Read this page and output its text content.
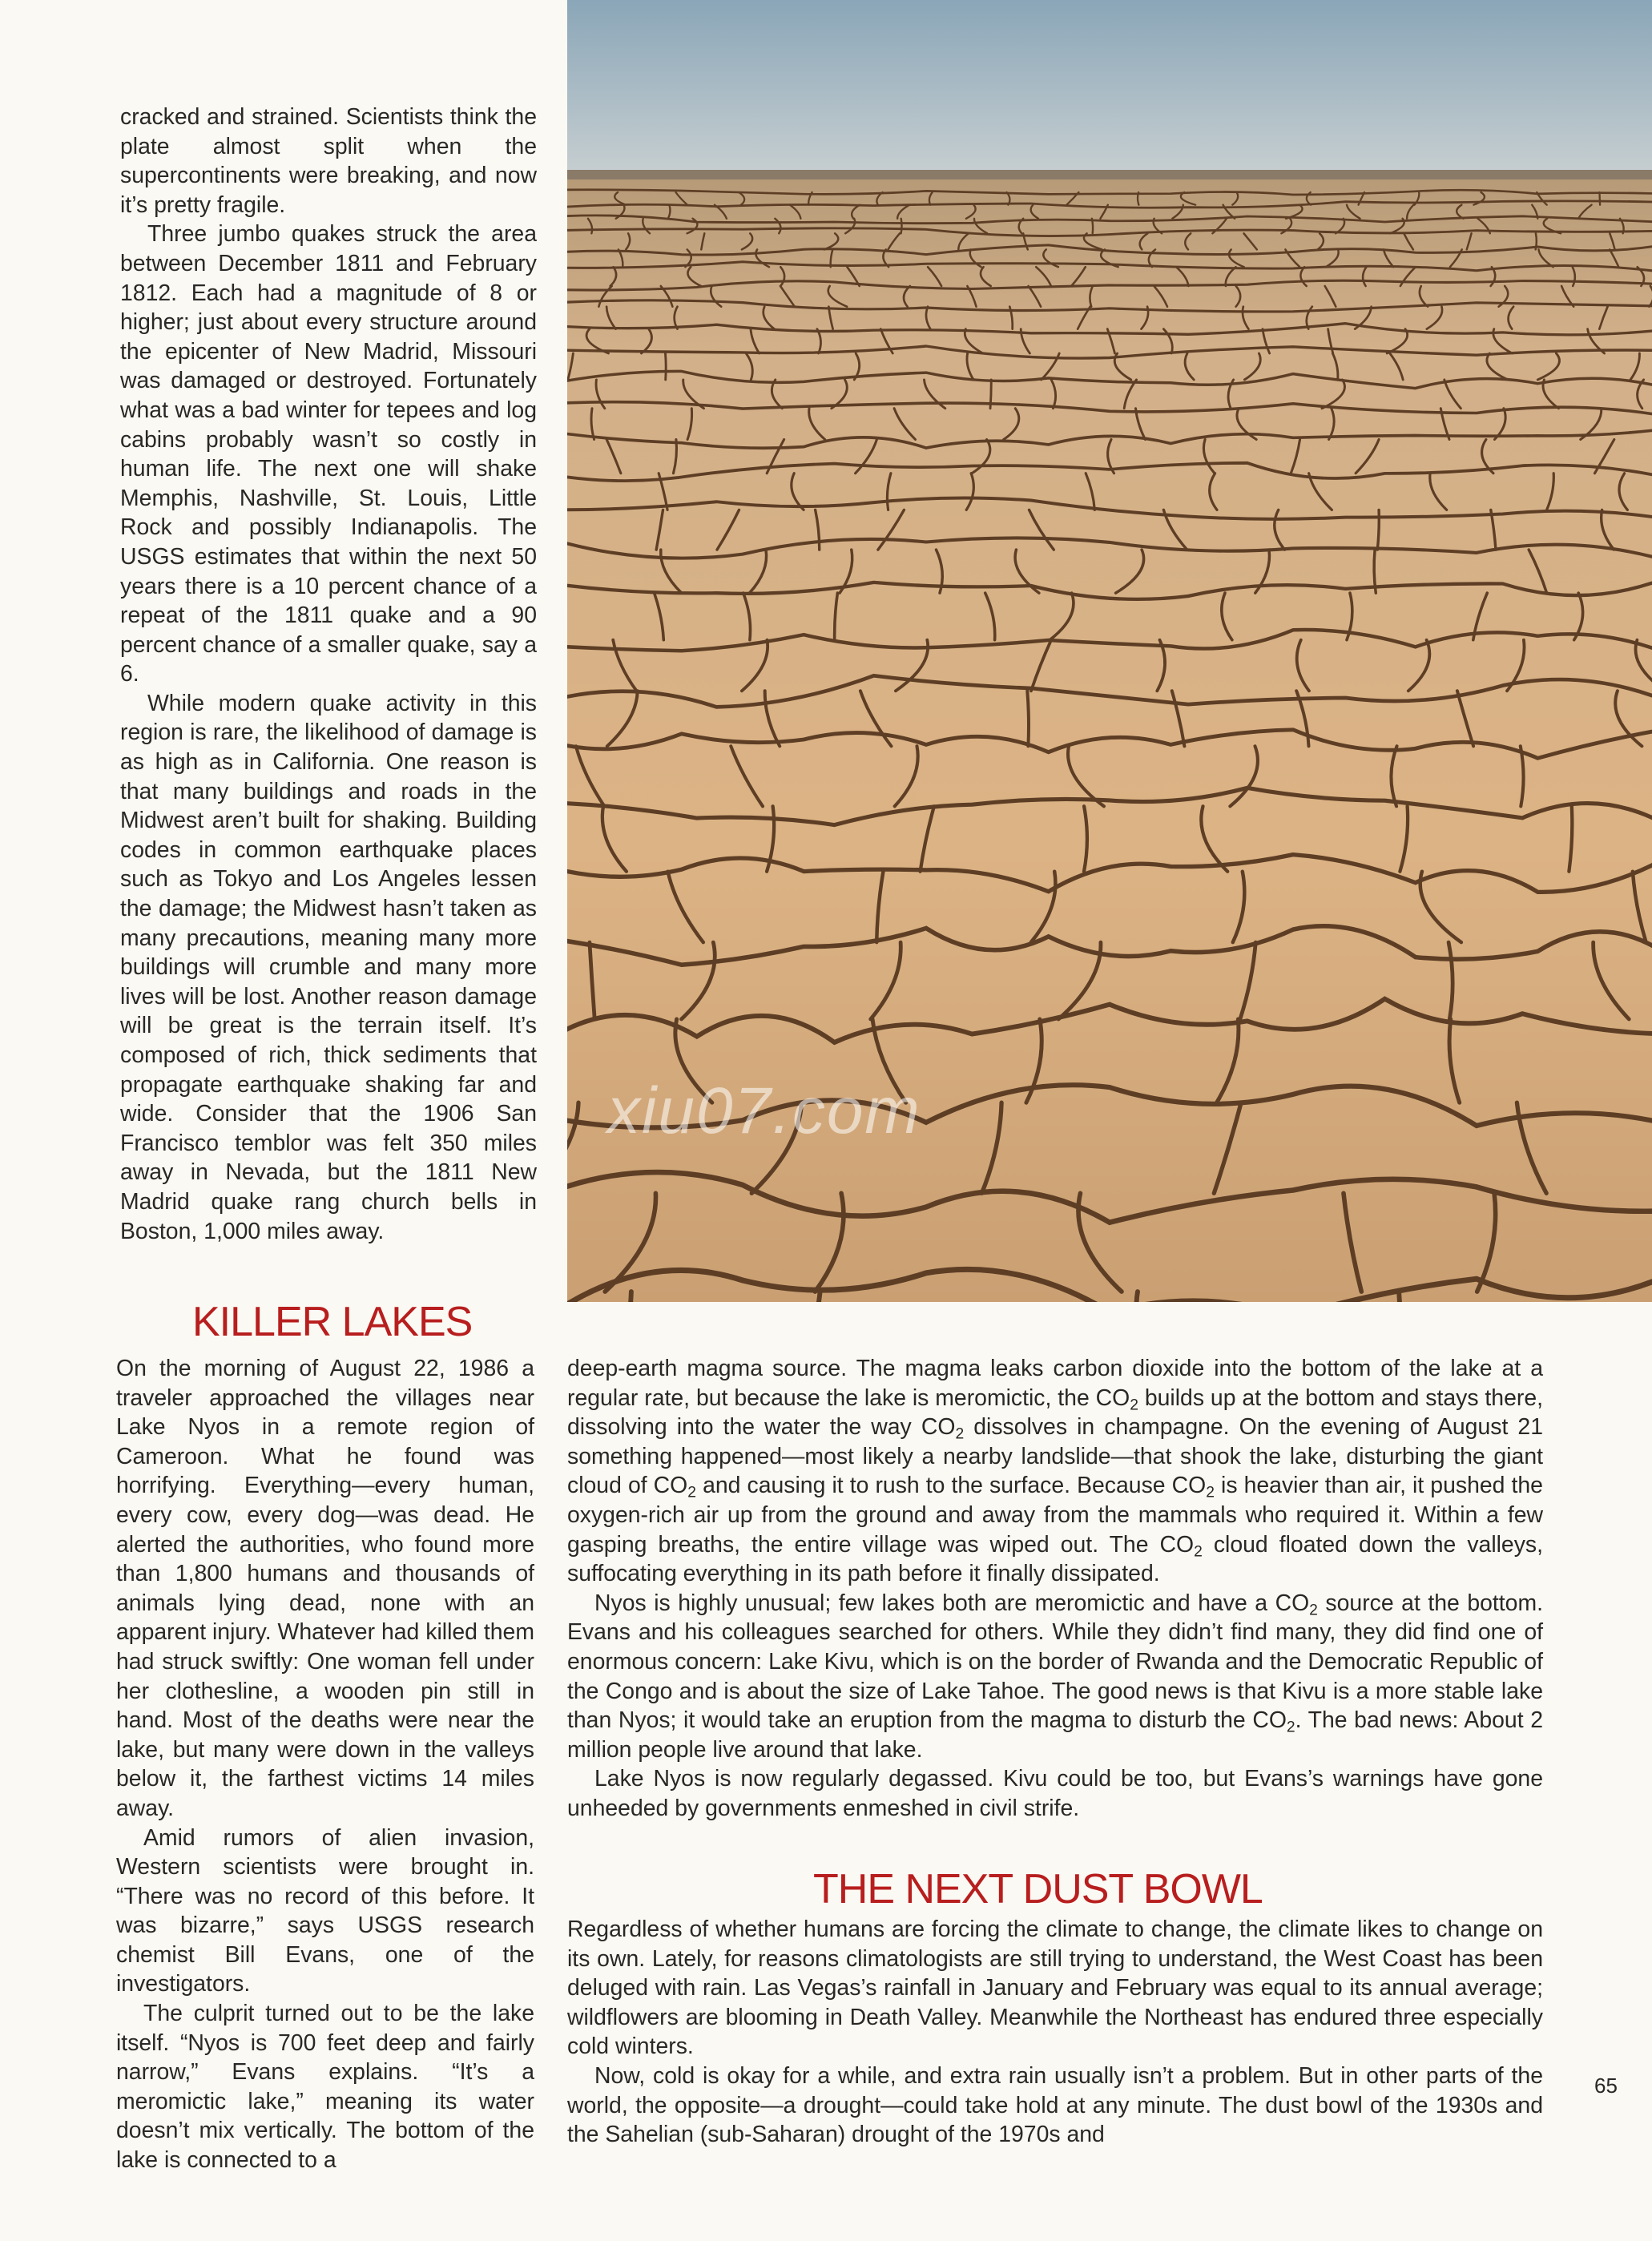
xiu07.com

cracked and strained. Scientists think the plate almost split when the supercontinents were breaking, and now it’s pretty fragile.

Three jumbo quakes struck the area between December 1811 and February 1812. Each had a magnitude of 8 or higher; just about every structure around the epicenter of New Madrid, Missouri was damaged or destroyed. Fortunately what was a bad winter for tepees and log cabins probably wasn’t so costly in human life. The next one will shake Memphis, Nashville, St. Louis, Little Rock and possibly Indianapolis. The USGS estimates that within the next 50 years there is a 10 percent chance of a repeat of the 1811 quake and a 90 percent chance of a smaller quake, say a 6.

While modern quake activity in this region is rare, the likelihood of damage is as high as in California. One reason is that many buildings and roads in the Midwest aren’t built for shaking. Building codes in common earthquake places such as Tokyo and Los Angeles lessen the damage; the Midwest hasn’t taken as many precautions, meaning many more buildings will crumble and many more lives will be lost. Another reason damage will be great is the terrain itself. It’s composed of rich, thick sediments that propagate earthquake shaking far and wide. Consider that the 1906 San Francisco temblor was felt 350 miles away in Nevada, but the 1811 New Madrid quake rang church bells in Boston, 1,000 miles away.

KILLER LAKES

On the morning of August 22, 1986 a traveler approached the villages near Lake Nyos in a remote region of Cameroon. What he found was horrifying. Everything—every human, every cow, every dog—was dead. He alerted the authorities, who found more than 1,800 humans and thousands of animals lying dead, none with an apparent injury. Whatever had killed them had struck swiftly: One woman fell under her clothesline, a wooden pin still in hand. Most of the deaths were near the lake, but many were down in the valleys below it, the farthest victims 14 miles away.

Amid rumors of alien invasion, Western scientists were brought in. “There was no record of this before. It was bizarre,” says USGS research chemist Bill Evans, one of the investigators.

The culprit turned out to be the lake itself. “Nyos is 700 feet deep and fairly narrow,” Evans explains. “It’s a meromictic lake,” meaning its water doesn’t mix vertically. The bottom of the lake is connected to a

deep-earth magma source. The magma leaks carbon dioxide into the bottom of the lake at a regular rate, but because the lake is meromictic, the $CO_2$ builds up at the bottom and stays there, dissolving into the water the way $CO_2$ dissolves in champagne. On the evening of August 21 something happened—most likely a nearby landslide—that shook the lake, disturbing the giant cloud of $CO_2$ and causing it to rush to the surface. Because $CO_2$ is heavier than air, it pushed the oxygen-rich air up from the ground and away from the mammals who required it. Within a few gasping breaths, the entire village was wiped out. The $CO_2$ cloud floated down the valleys, suffocating everything in its path before it finally dissipated.

Nyos is highly unusual; few lakes both are meromictic and have a $CO_2$ source at the bottom. Evans and his colleagues searched for others. While they didn’t find many, they did find one of enormous concern: Lake Kivu, which is on the border of Rwanda and the Democratic Republic of the Congo and is about the size of Lake Tahoe. The good news is that Kivu is a more stable lake than Nyos; it would take an eruption from the magma to disturb the $CO_2$. The bad news: About 2 million people live around that lake.

Lake Nyos is now regularly degassed. Kivu could be too, but Evans’s warnings have gone unheeded by governments enmeshed in civil strife.

THE NEXT DUST BOWL

Regardless of whether humans are forcing the climate to change, the climate likes to change on its own. Lately, for reasons climatologists are still trying to understand, the West Coast has been deluged with rain. Las Vegas’s rainfall in January and February was equal to its annual average; wildflowers are blooming in Death Valley. Meanwhile the Northeast has endured three especially cold winters.

Now, cold is okay for a while, and extra rain usually isn’t a problem. But in other parts of the world, the opposite—a drought—could take hold at any minute. The dust bowl of the 1930s and the Sahelian (sub-Saharan) drought of the 1970s and

65
